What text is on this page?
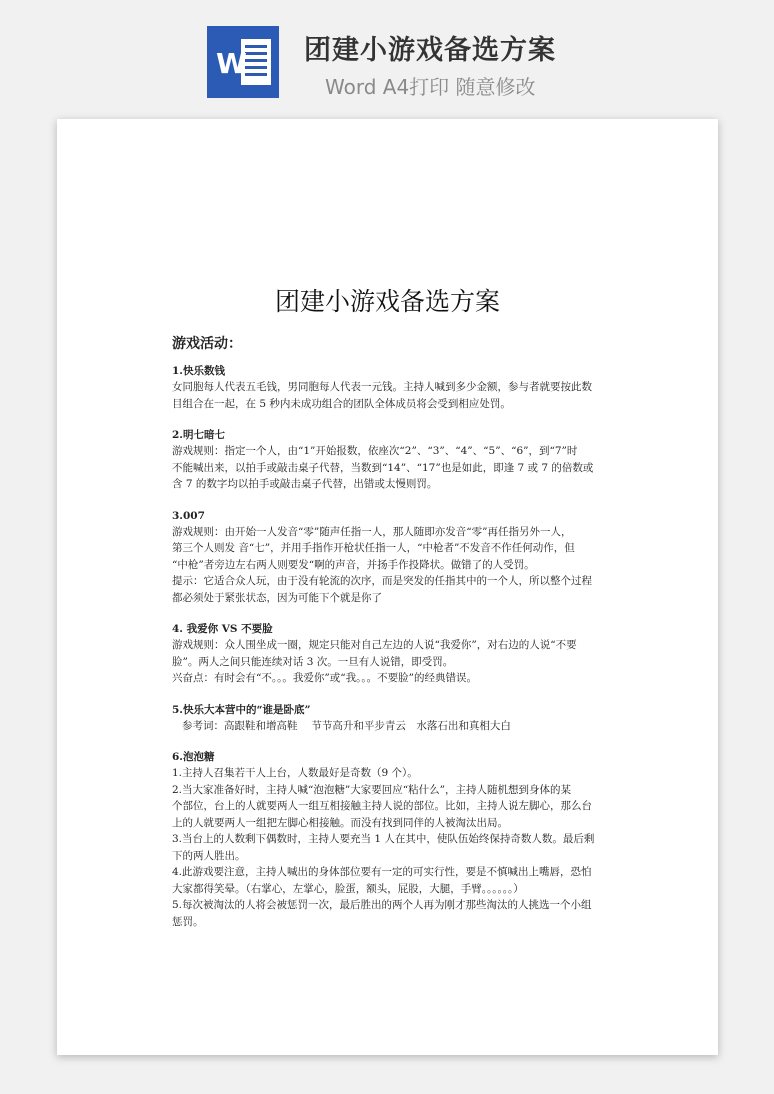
W 团建小游戏备选方案
Word A4打印 随意修改
团建小游戏备选方案
游戏活动：
1.快乐数钱
女同胞每人代表五毛钱，男同胞每人代表一元钱。主持人喊到多少金额，参与者就要按此数
目组合在一起，在 5 秒内未成功组合的团队全体成员将会受到相应处罚。
2.明七暗七
游戏规则：指定一个人，由“1”开始报数，依座次“2”、“3”、“4”、“5”、“6”，到“7”时
不能喊出来，以拍手或敲击桌子代替，当数到“14”、“17”也是如此，即逢 7 或 7 的倍数或
含 7 的数字均以拍手或敲击桌子代替，出错或太慢则罚。
3.007
游戏规则：由开始一人发音“零”随声任指一人，那人随即亦发音“零”再任指另外一人，
第三个人则发 音“七”，并用手指作开枪状任指一人，“中枪者”不发音不作任何动作，但
“中枪”者旁边左右两人则要发“啊的声音，并扬手作投降状。做错了的人受罚。
提示：它适合众人玩，由于没有轮流的次序，而是突发的任指其中的一个人，所以整个过程
都必须处于紧张状态，因为可能下个就是你了
4. 我爱你 VS 不要脸
游戏规则：众人围坐成一圈，规定只能对自己左边的人说“我爱你”，对右边的人说“不要
脸”。两人之间只能连续对话 3 次。一旦有人说错，即受罚。
兴奋点：有时会有“不。。。我爱你”或“我。。。不要脸”的经典错误。
5.快乐大本营中的“谁是卧底”
参考词：高跟鞋和增高鞋　 节节高升和平步青云　水落石出和真相大白
6.泡泡糖
1.主持人召集若干人上台，人数最好是奇数（9 个）。
2.当大家准备好时，主持人喊“泡泡糖”大家要回应“粘什么”，主持人随机想到身体的某
个部位，台上的人就要两人一组互相接触主持人说的部位。比如，主持人说左脚心，那么台
上的人就要两人一组把左脚心相接触。而没有找到同伴的人被淘汰出局。
3.当台上的人数剩下偶数时，主持人要充当 1 人在其中，使队伍始终保持奇数人数。最后剩
下的两人胜出。
4.此游戏要注意，主持人喊出的身体部位要有一定的可实行性，要是不慎喊出上嘴唇，恐怕
大家都得笑晕。（右掌心，左掌心，脸蛋，额头，屁股，大腿，手臂。。。。。。）
5.每次被淘汰的人将会被惩罚一次，最后胜出的两个人再为刚才那些淘汰的人挑选一个小组
惩罚。
